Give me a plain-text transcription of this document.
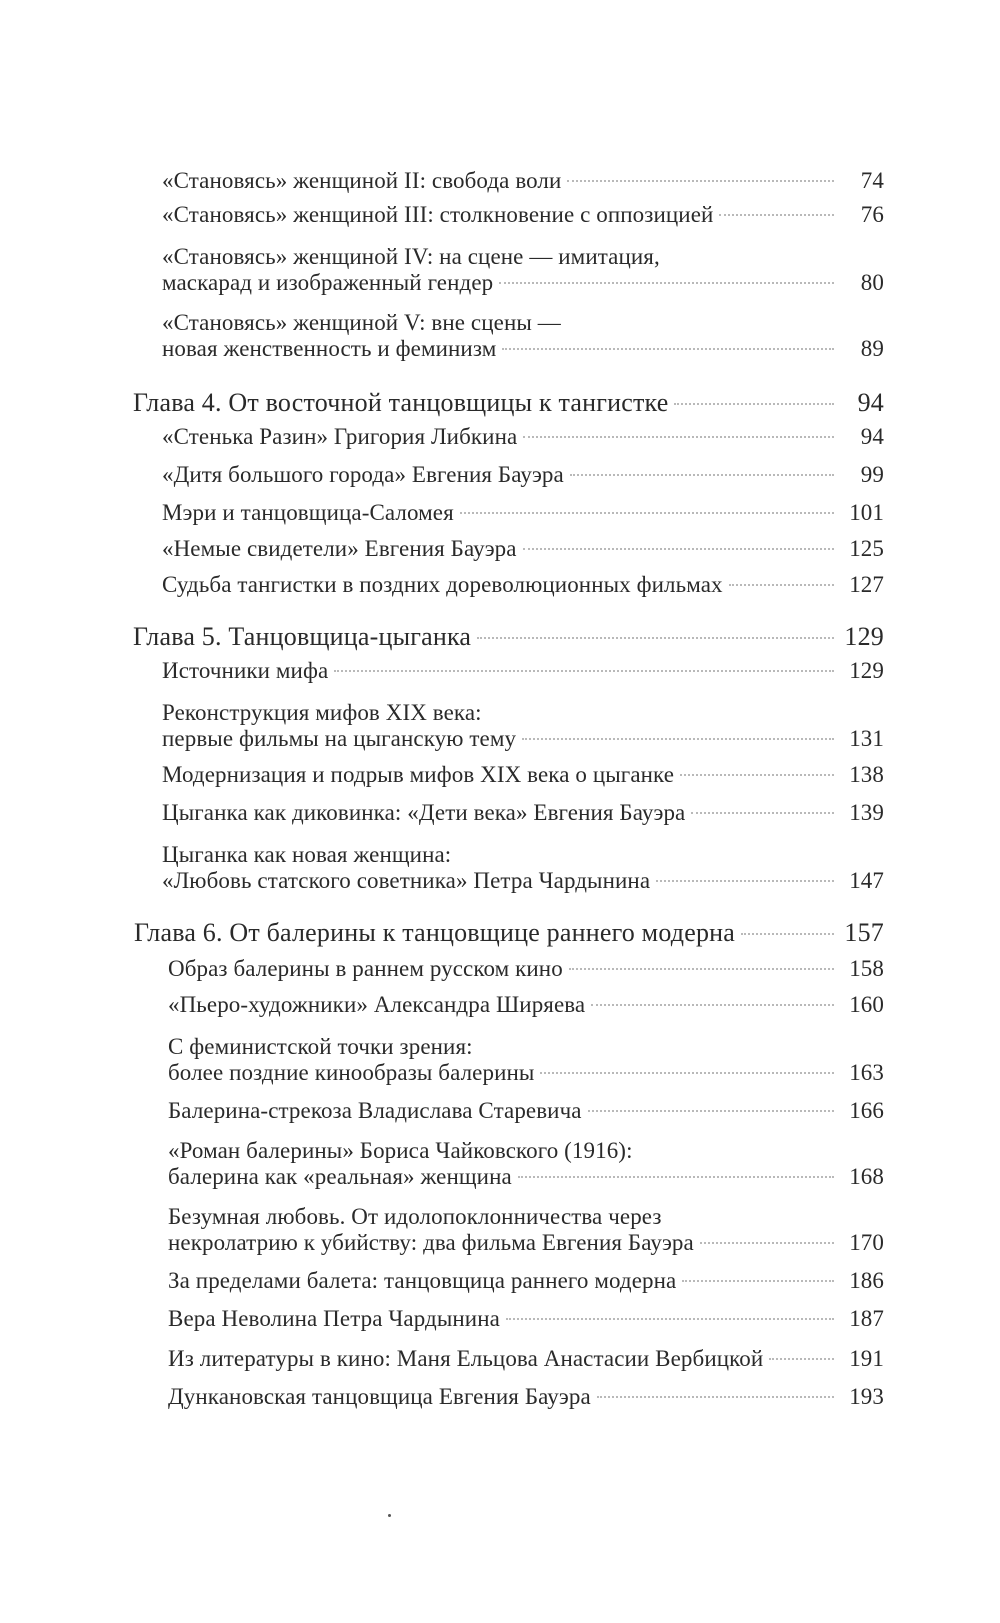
«Становясь» женщиной II: свобода воли	74
«Становясь» женщиной III: столкновение с оппозицией	76
«Становясь» женщиной IV: на сцене — имитация,
маскарад и изображенный гендер	80
«Становясь» женщиной V: вне сцены —
новая женственность и феминизм	89
Глава 4. От восточной танцовщицы к тангистке	94
«Стенька Разин» Григория Либкина	94
«Дитя большого города» Евгения Бауэра	99
Мэри и танцовщица-Саломея	101
«Немые свидетели» Евгения Бауэра	125
Судьба тангистки в поздних дореволюционных фильмах	127
Глава 5. Танцовщица-цыганка	129
Источники мифа	129
Реконструкция мифов XIX века:
первые фильмы на цыганскую тему	131
Модернизация и подрыв мифов XIX века о цыганке	138
Цыганка как диковинка: «Дети века» Евгения Бауэра	139
Цыганка как новая женщина:
«Любовь статского советника» Петра Чардынина	147
Глава 6. От балерины к танцовщице раннего модерна	157
Образ балерины в раннем русском кино	158
«Пьеро-художники» Александра Ширяева	160
С феминистской точки зрения:
более поздние кинообразы балерины	163
Балерина-стрекоза Владислава Старевича	166
«Роман балерины» Бориса Чайковского (1916):
балерина как «реальная» женщина	168
Безумная любовь. От идолопоклонничества через
некролатрию к убийству: два фильма Евгения Бауэра	170
За пределами балета: танцовщица раннего модерна	186
Вера Неволина Петра Чардынина	187
Из литературы в кино: Маня Ельцова Анастасии Вербицкой	191
Дункановская танцовщица Евгения Бауэра	193
